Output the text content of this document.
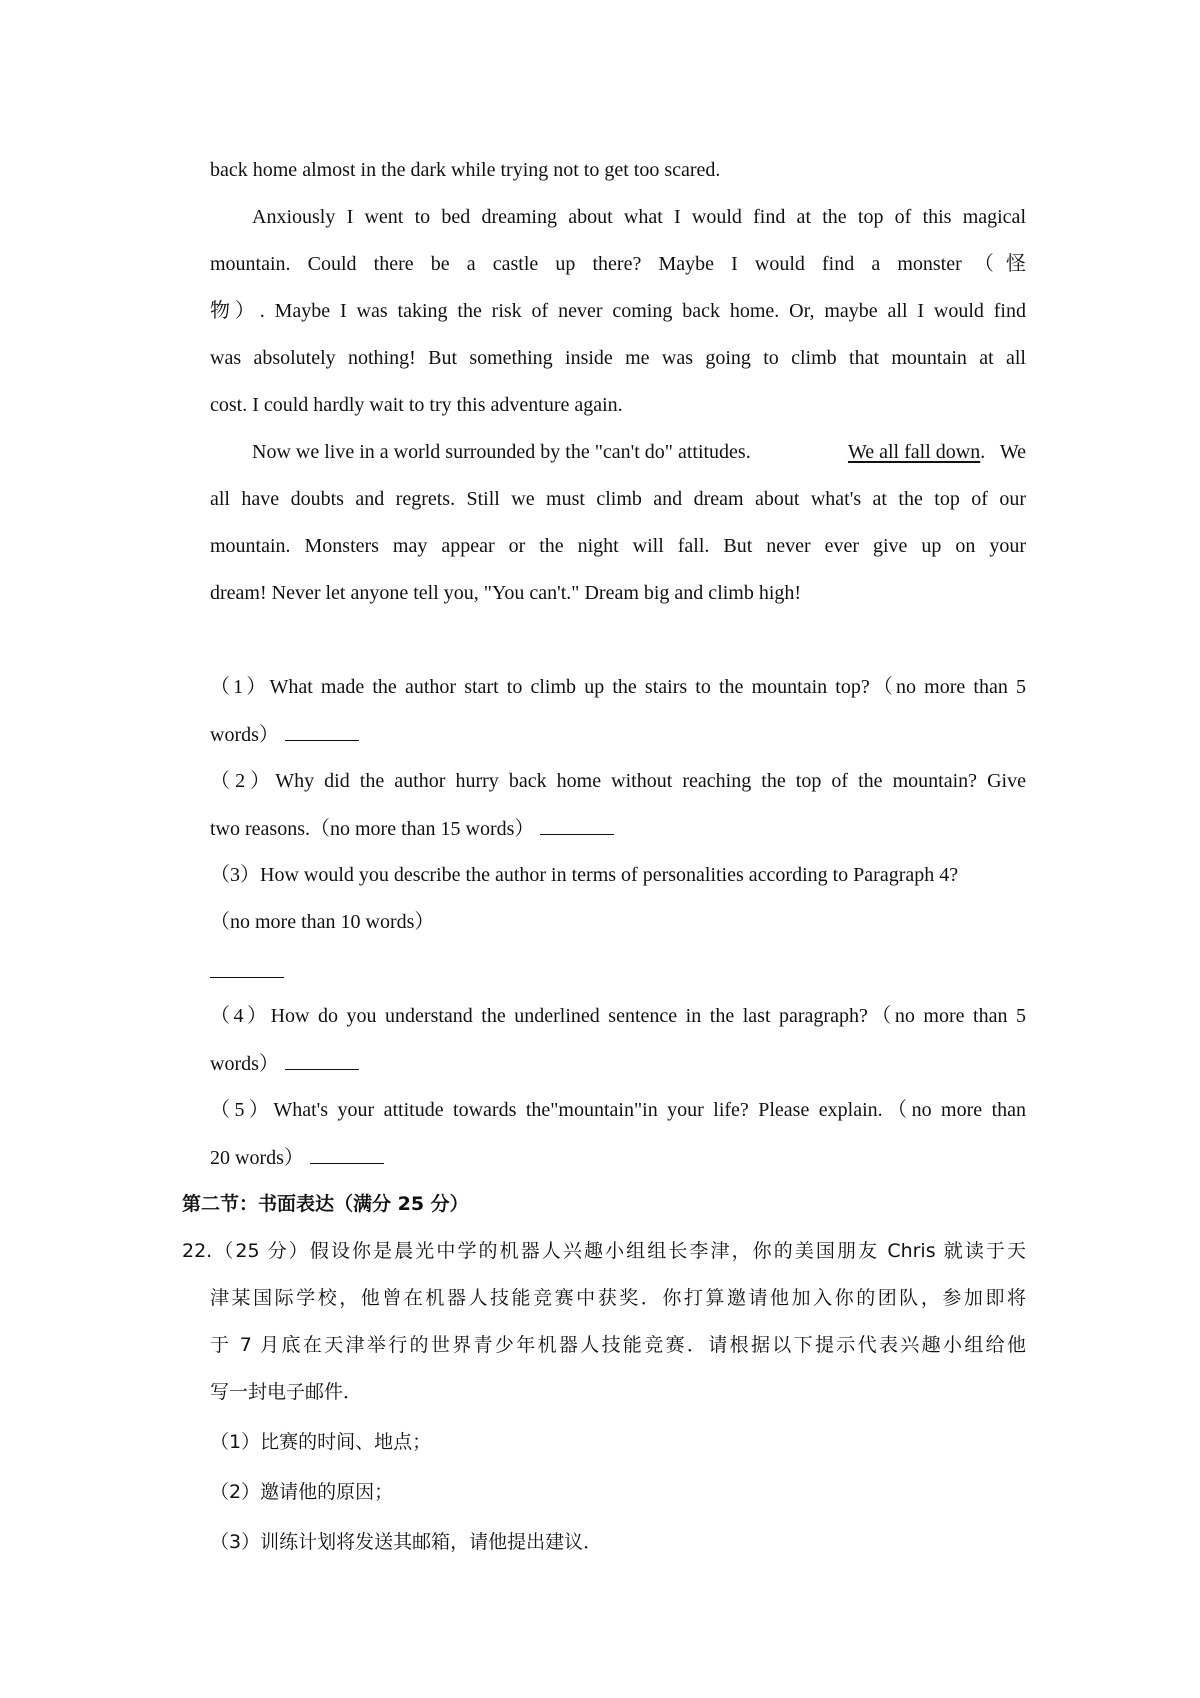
back home almost in the dark while trying not to get too scared.
Anxiously I went to bed dreaming about what I would find at the top of this magical
mountain. Could there be a castle up there? Maybe I would find a monster（怪
物）. Maybe I was taking the risk of never coming back home. Or, maybe all I would find
was absolutely nothing! But something inside me was going to climb that mountain at all
cost. I could hardly wait to try this adventure again.
Now we live in a world surrounded by the "can't do" attitudes.	We all fall down.   We
all have doubts and regrets. Still we must climb and dream about what's at the top of our
mountain. Monsters may appear or the night will fall. But never ever give up on your
dream! Never let anyone tell you, "You can't." Dream big and climb high!
（1）What made the author start to climb up the stairs to the mountain top?（no more than 5
words）
（2）Why did the author hurry back home without reaching the top of the mountain? Give
two reasons.（no more than 15 words）
（3）How would you describe the author in terms of personalities according to Paragraph 4?
（no more than 10 words）
（4）How do you understand the underlined sentence in the last paragraph?（no more than 5
words）
（5）What's your attitude towards the"mountain"in your life? Please explain.（no more than
20 words）
第二节：书面表达（满分 25 分）
22.（25 分）假设你是晨光中学的机器人兴趣小组组长李津，你的美国朋友 Chris 就读于天
津某国际学校，他曾在机器人技能竞赛中获奖．你打算邀请他加入你的团队，参加即将
于 7 月底在天津举行的世界青少年机器人技能竞赛．请根据以下提示代表兴趣小组给他
写一封电子邮件．
（1）比赛的时间、地点；
（2）邀请他的原因；
（3）训练计划将发送其邮箱，请他提出建议．
